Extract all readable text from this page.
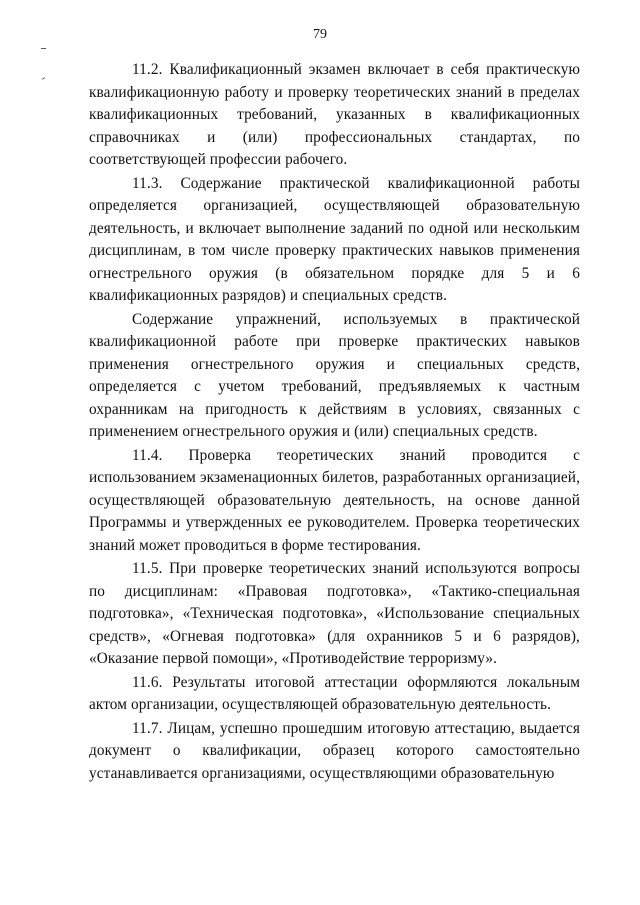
79

11.2. Квалификационный экзамен включает в себя практическую квалификационную работу и проверку теоретических знаний в пределах квалификационных требований, указанных в квалификационных справочниках и (или) профессиональных стандартах, по соответствующей профессии рабочего.

11.3. Содержание практической квалификационной работы определяется организацией, осуществляющей образовательную деятельность, и включает выполнение заданий по одной или нескольким дисциплинам, в том числе проверку практических навыков применения огнестрельного оружия (в обязательном порядке для 5 и 6 квалификационных разрядов) и специальных средств.

Содержание упражнений, используемых в практической квалификационной работе при проверке практических навыков применения огнестрельного оружия и специальных средств, определяется с учетом требований, предъявляемых к частным охранникам на пригодность к действиям в условиях, связанных с применением огнестрельного оружия и (или) специальных средств.

11.4. Проверка теоретических знаний проводится с использованием экзаменационных билетов, разработанных организацией, осуществляющей образовательную деятельность, на основе данной Программы и утвержденных ее руководителем. Проверка теоретических знаний может проводиться в форме тестирования.

11.5. При проверке теоретических знаний используются вопросы по дисциплинам: «Правовая подготовка», «Тактико-специальная подготовка», «Техническая подготовка», «Использование специальных средств», «Огневая подготовка» (для охранников 5 и 6 разрядов), «Оказание первой помощи», «Противодействие терроризму».

11.6. Результаты итоговой аттестации оформляются локальным актом организации, осуществляющей образовательную деятельность.

11.7. Лицам, успешно прошедшим итоговую аттестацию, выдается документ о квалификации, образец которого самостоятельно устанавливается организациями, осуществляющими образовательную
